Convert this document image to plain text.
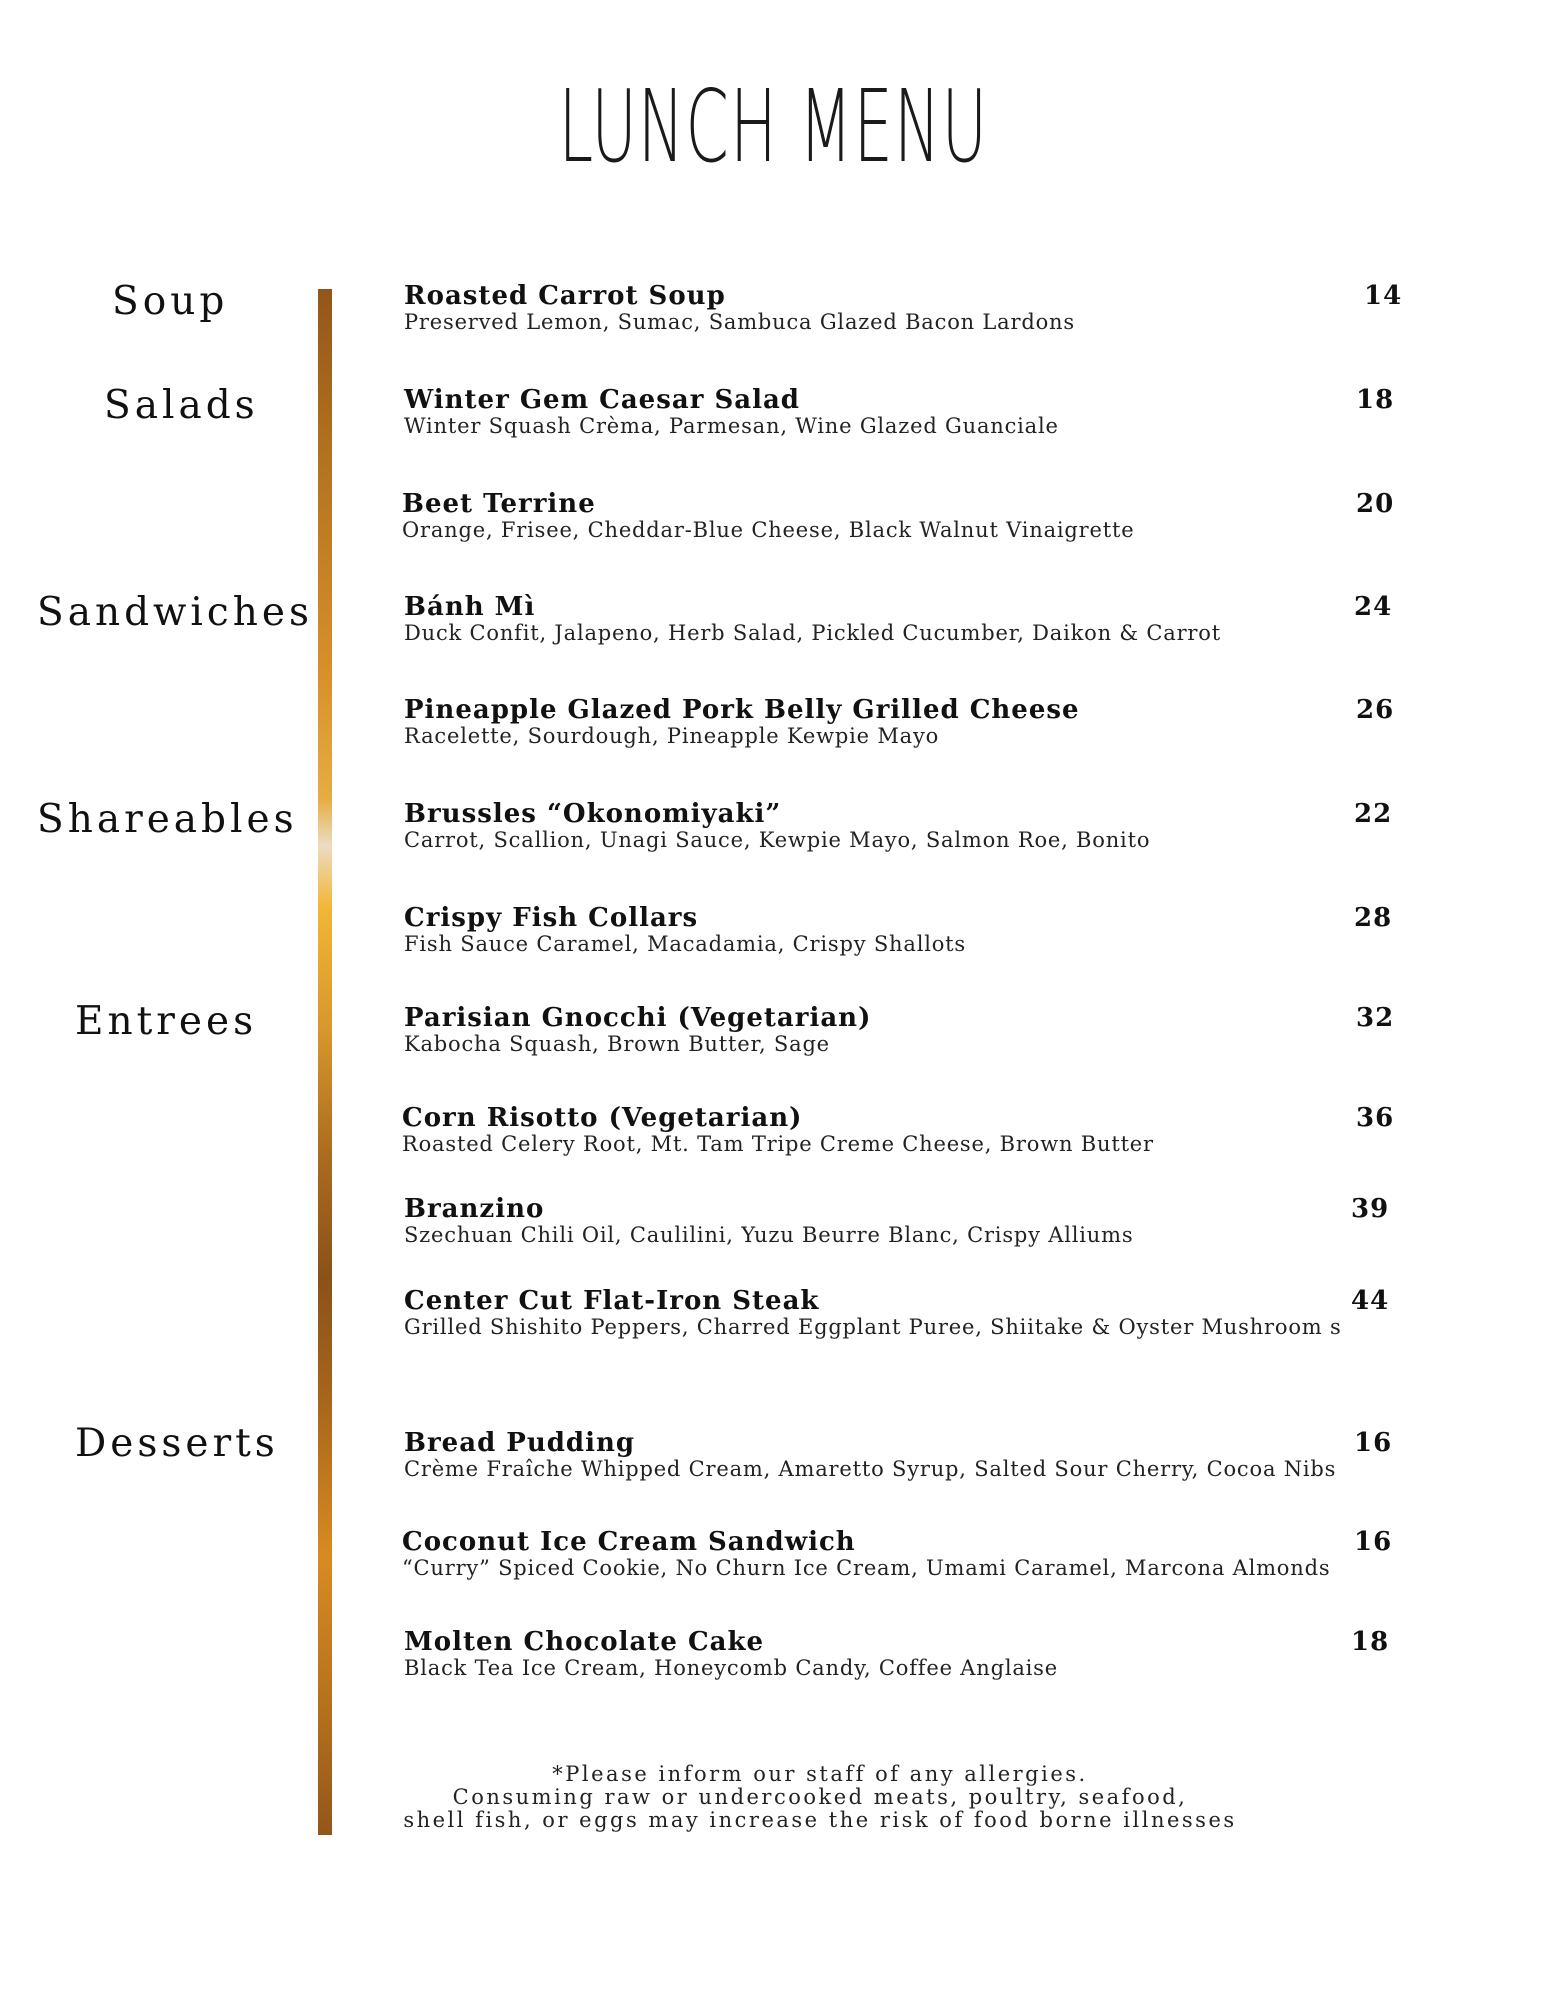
LUNCH MENU
Soup
Salads
Sandwiches
Shareables
Entrees
Desserts
Roasted Carrot Soup
Preserved Lemon, Sumac, Sambuca Glazed Bacon Lardons
14
Winter Gem Caesar Salad
Winter Squash Crèma, Parmesan, Wine Glazed Guanciale
18
Beet Terrine
Orange, Frisee, Cheddar-Blue Cheese, Black Walnut Vinaigrette
20
Bánh Mì
Duck Confit, Jalapeno, Herb Salad, Pickled Cucumber, Daikon & Carrot
24
Pineapple Glazed Pork Belly Grilled Cheese
Racelette, Sourdough, Pineapple Kewpie Mayo
26
Brussles “Okonomiyaki”
Carrot, Scallion, Unagi Sauce, Kewpie Mayo, Salmon Roe, Bonito
22
Crispy Fish Collars
Fish Sauce Caramel, Macadamia, Crispy Shallots
28
Parisian Gnocchi (Vegetarian)
Kabocha Squash, Brown Butter, Sage
32
Corn Risotto (Vegetarian)
Roasted Celery Root, Mt. Tam Tripe Creme Cheese, Brown Butter
36
Branzino
Szechuan Chili Oil, Caulilini, Yuzu Beurre Blanc, Crispy Alliums
39
Center Cut Flat-Iron Steak
Grilled Shishito Peppers, Charred Eggplant Puree, Shiitake & Oyster Mushroom s
44
Bread Pudding
Crème Fraîche Whipped Cream, Amaretto Syrup, Salted Sour Cherry, Cocoa Nibs
16
Coconut Ice Cream Sandwich
“Curry” Spiced Cookie, No Churn Ice Cream, Umami Caramel, Marcona Almonds
16
Molten Chocolate Cake
Black Tea Ice Cream, Honeycomb Candy, Coffee Anglaise
18
*Please inform our staff of any allergies.
Consuming raw or undercooked meats, poultry, seafood,
shell fish, or eggs may increase the risk of food borne illnesses
